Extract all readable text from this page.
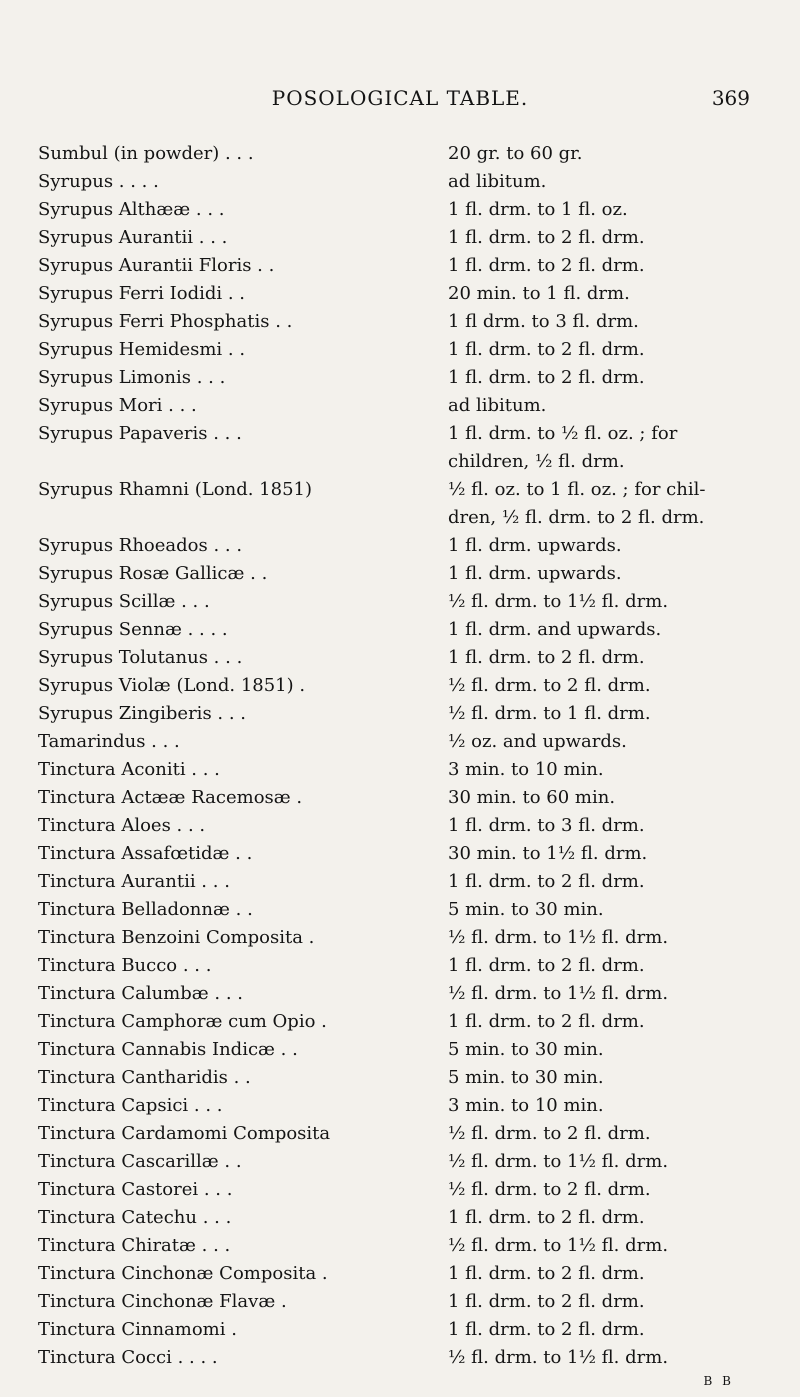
POSOLOGICAL TABLE.	369
Sumbul (in powder) . . .	20 gr. to 60 gr.
Syrupus . . . .	ad libitum.
Syrupus Althææ . . .	1 fl. drm. to 1 fl. oz.
Syrupus Aurantii . . .	1 fl. drm. to 2 fl. drm.
Syrupus Aurantii Floris . .	1 fl. drm. to 2 fl. drm.
Syrupus Ferri Iodidi . .	20 min. to 1 fl. drm.
Syrupus Ferri Phosphatis . .	1 fl drm. to 3 fl. drm.
Syrupus Hemidesmi . .	1 fl. drm. to 2 fl. drm.
Syrupus Limonis . . .	1 fl. drm. to 2 fl. drm.
Syrupus Mori . . .	ad libitum.
Syrupus Papaveris . . .	1 fl. drm. to ½ fl. oz. ; for
children, ½ fl. drm.
Syrupus Rhamni (Lond. 1851)	½ fl. oz. to 1 fl. oz. ; for chil-
dren, ½ fl. drm. to 2 fl. drm.
Syrupus Rhoeados . . .	1 fl. drm. upwards.
Syrupus Rosæ Gallicæ . .	1 fl. drm. upwards.
Syrupus Scillæ . . .	½ fl. drm. to 1½ fl. drm.
Syrupus Sennæ . . . .	1 fl. drm. and upwards.
Syrupus Tolutanus . . .	1 fl. drm. to 2 fl. drm.
Syrupus Violæ (Lond. 1851) .	½ fl. drm. to 2 fl. drm.
Syrupus Zingiberis . . .	½ fl. drm. to 1 fl. drm.
Tamarindus . . .	½ oz. and upwards.
Tinctura Aconiti . . .	3 min. to 10 min.
Tinctura Actææ Racemosæ .	30 min. to 60 min.
Tinctura Aloes . . .	1 fl. drm. to 3 fl. drm.
Tinctura Assafœtidæ . .	30 min. to 1½ fl. drm.
Tinctura Aurantii . . .	1 fl. drm. to 2 fl. drm.
Tinctura Belladonnæ . .	5 min. to 30 min.
Tinctura Benzoini Composita .	½ fl. drm. to 1½ fl. drm.
Tinctura Bucco . . .	1 fl. drm. to 2 fl. drm.
Tinctura Calumbæ . . .	½ fl. drm. to 1½ fl. drm.
Tinctura Camphoræ cum Opio .	1 fl. drm. to 2 fl. drm.
Tinctura Cannabis Indicæ . .	5 min. to 30 min.
Tinctura Cantharidis . .	5 min. to 30 min.
Tinctura Capsici . . .	3 min. to 10 min.
Tinctura Cardamomi Composita	½ fl. drm. to 2 fl. drm.
Tinctura Cascarillæ . .	½ fl. drm. to 1½ fl. drm.
Tinctura Castorei . . .	½ fl. drm. to 2 fl. drm.
Tinctura Catechu . . .	1 fl. drm. to 2 fl. drm.
Tinctura Chiratæ . . .	½ fl. drm. to 1½ fl. drm.
Tinctura Cinchonæ Composita .	1 fl. drm. to 2 fl. drm.
Tinctura Cinchonæ Flavæ .	1 fl. drm. to 2 fl. drm.
Tinctura Cinnamomi .	1 fl. drm. to 2 fl. drm.
Tinctura Cocci . . . .	½ fl. drm. to 1½ fl. drm.
B B
